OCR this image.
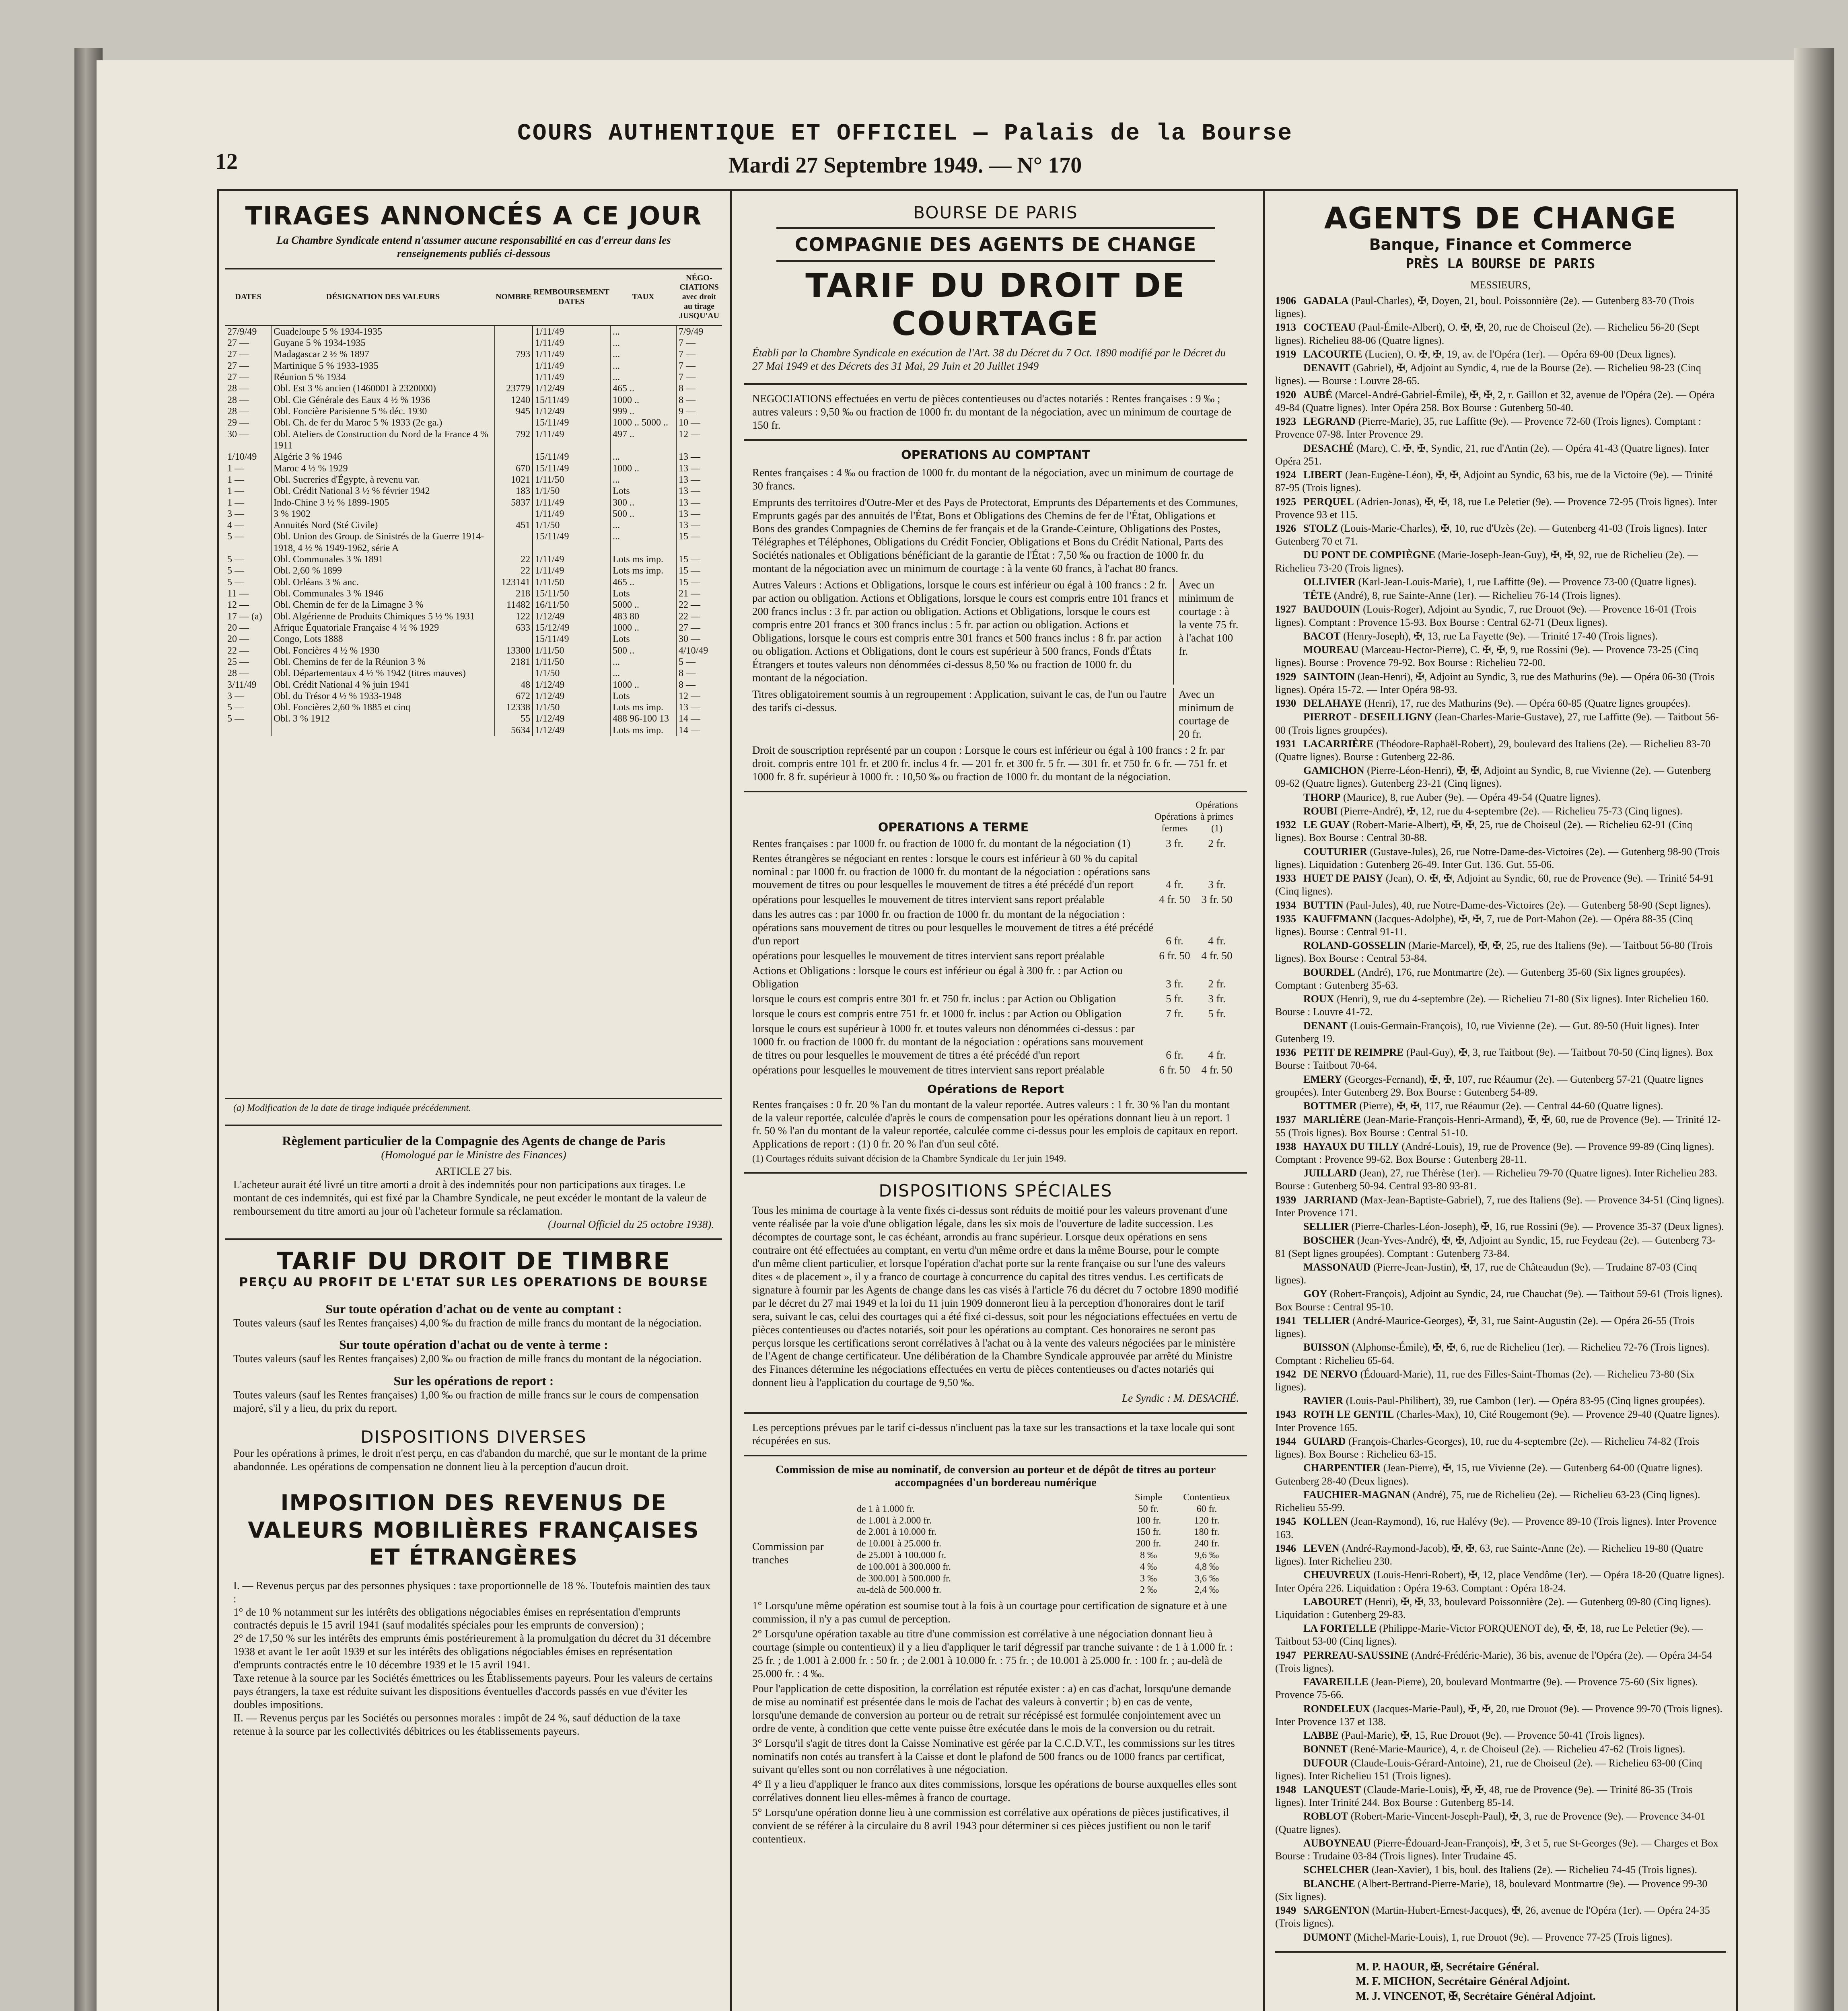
12
COURS AUTHENTIQUE ET OFFICIEL — Palais de la Bourse
Mardi 27 Septembre 1949. — N° 170
TIRAGES ANNONCÉS A CE JOUR
La Chambre Syndicale entend n'assumer aucune responsabilité en cas d'erreur dans les renseignements publiés ci-dessous
DATES	DÉSIGNATION DES VALEURS	NOMBRE	REMBOURSEMENT
DATES	TAUX	NÉGO-CIATIONS avec droit au tirage JUSQU'AU
27/9/49	Guadeloupe 5 % 1934-1935		1/11/49	...	7/9/49
27 —	Guyane 5 % 1934-1935		1/11/49	...	7 —
27 —	Madagascar 2 ½ % 1897	793	1/11/49	...	7 —
27 —	Martinique 5 % 1933-1935		1/11/49	...	7 —
27 —	Réunion 5 % 1934		1/11/49	...	7 —
28 —	Obl. Est 3 % ancien (1460001 à 2320000)	23779	1/12/49	465 ..	8 —
28 —	Obl. Cie Générale des Eaux 4 ½ % 1936	1240	15/11/49	1000 ..	8 —
28 —	Obl. Foncière Parisienne 5 % déc. 1930	945	1/12/49	999 ..	9 —
29 —	Obl. Ch. de fer du Maroc 5 % 1933 (2e ga.)		15/11/49	1000 .. 5000 ..	10 —
30 —	Obl. Ateliers de Construction du Nord de la France 4 % 1911	792	1/11/49	497 ..	12 —
1/10/49	Algérie 3 % 1946		15/11/49	...	13 —
1 —	Maroc 4 ½ % 1929	670	15/11/49	1000 ..	13 —
1 —	Obl. Sucreries d'Égypte, à revenu var.	1021	1/11/50	...	13 —
1 —	Obl. Crédit National 3 ½ % février 1942	183	1/1/50	Lots	13 —
1 —	Indo-Chine 3 ½ % 1899-1905	5837	1/11/49	300 ..	13 —
3 —	3 % 1902		1/11/49	500 ..	13 —
4 —	Annuités Nord (Sté Civile)	451	1/1/50	...	13 —
5 —	Obl. Union des Group. de Sinistrés de la Guerre 1914-1918, 4 ½ % 1949-1962, série A		15/11/49	...	15 —
5 —	Obl. Communales 3 % 1891	22	1/11/49	Lots ms imp.	15 —
5 —	Obl. 2,60 % 1899	22	1/11/49	Lots ms imp.	15 —
5 —	Obl. Orléans 3 % anc.	123141	1/11/50	465 ..	15 —
11 —	Obl. Communales 3 % 1946	218	15/11/50	Lots	21 —
12 —	Obl. Chemin de fer de la Limagne 3 %	11482	16/11/50	5000 ..	22 —
17 — (a)	Obl. Algérienne de Produits Chimiques 5 ½ % 1931	122	1/12/49	483 80	22 —
20 —	Afrique Équatoriale Française 4 ½ % 1929	633	15/12/49	1000 ..	27 —
20 —	Congo, Lots 1888		15/11/49	Lots	30 —
22 —	Obl. Foncières 4 ½ % 1930	13300	1/11/50	500 ..	4/10/49
25 —	Obl. Chemins de fer de la Réunion 3 %	2181	1/11/50	...	5 —
28 —	Obl. Départementaux 4 ½ % 1942 (titres mauves)		1/1/50	...	8 —
3/11/49	Obl. Crédit National 4 % juin 1941	48	1/12/49	1000 ..	8 —
3 —	Obl. du Trésor 4 ½ % 1933-1948	672	1/12/49	Lots	12 —
5 —	Obl. Foncières 2,60 % 1885 et cinq	12338	1/1/50	Lots ms imp.	13 —
5 —	Obl. 3 % 1912	55	1/12/49	488 96-100 13	14 —
		5634	1/12/49	Lots ms imp.	14 —
(a) Modification de la date de tirage indiquée précédemment.
Règlement particulier de la Compagnie des Agents de change de Paris
(Homologué par le Ministre des Finances)
ARTICLE 27 bis.
L'acheteur aurait été livré un titre amorti a droit à des indemnités pour non participations aux tirages. Le montant de ces indemnités, qui est fixé par la Chambre Syndicale, ne peut excéder le montant de la valeur de remboursement du titre amorti au jour où l'acheteur formule sa réclamation.
(Journal Officiel du 25 octobre 1938).
TARIF DU DROIT DE TIMBRE
PERÇU AU PROFIT DE L'ETAT SUR LES OPERATIONS DE BOURSE
Sur toute opération d'achat ou de vente au comptant :
Toutes valeurs (sauf les Rentes françaises) 4,00 ‰ du fraction de mille francs du montant de la négociation.
Sur toute opération d'achat ou de vente à terme :
Toutes valeurs (sauf les Rentes françaises) 2,00 ‰ ou fraction de mille francs du montant de la négociation.
Sur les opérations de report :
Toutes valeurs (sauf les Rentes françaises) 1,00 ‰ ou fraction de mille francs sur le cours de compensation majoré, s'il y a lieu, du prix du report.
DISPOSITIONS DIVERSES
Pour les opérations à primes, le droit n'est perçu, en cas d'abandon du marché, que sur le montant de la prime abandonnée. Les opérations de compensation ne donnent lieu à la perception d'aucun droit.
IMPOSITION DES REVENUS DE VALEURS MOBILIÈRES FRANÇAISES ET ÉTRANGÈRES
I. — Revenus perçus par des personnes physiques : taxe proportionnelle de 18 %. Toutefois maintien des taux :
1° de 10 % notamment sur les intérêts des obligations négociables émises en représentation d'emprunts contractés depuis le 15 avril 1941 (sauf modalités spéciales pour les emprunts de conversion) ;
2° de 17,50 % sur les intérêts des emprunts émis postérieurement à la promulgation du décret du 31 décembre 1938 et avant le 1er août 1939 et sur les intérêts des obligations négociables émises en représentation d'emprunts contractés entre le 10 décembre 1939 et le 15 avril 1941.
Taxe retenue à la source par les Sociétés émettrices ou les Établissements payeurs. Pour les valeurs de certains pays étrangers, la taxe est réduite suivant les dispositions éventuelles d'accords passés en vue d'éviter les doubles impositions.
II. — Revenus perçus par les Sociétés ou personnes morales : impôt de 24 %, sauf déduction de la taxe retenue à la source par les collectivités débitrices ou les établissements payeurs.
BOURSE DE PARIS
COMPAGNIE DES AGENTS DE CHANGE
TARIF DU DROIT DE COURTAGE
Établi par la Chambre Syndicale en exécution de l'Art. 38 du Décret du 7 Oct. 1890 modifié par le Décret du 27 Mai 1949 et des Décrets des 31 Mai, 29 Juin et 20 Juillet 1949
NEGOCIATIONS effectuées en vertu de pièces contentieuses ou d'actes notariés : Rentes françaises : 9 ‰ ; autres valeurs : 9,50 ‰ ou fraction de 1000 fr. du montant de la négociation, avec un minimum de courtage de 150 fr.
OPERATIONS AU COMPTANT
Rentes françaises : 4 ‰ ou fraction de 1000 fr. du montant de la négociation, avec un minimum de courtage de 30 francs.
Emprunts des territoires d'Outre-Mer et des Pays de Protectorat, Emprunts des Départements et des Communes, Emprunts gagés par des annuités de l'État, Bons et Obligations des Chemins de fer de l'État, Obligations et Bons des grandes Compagnies de Chemins de fer français et de la Grande-Ceinture, Obligations des Postes, Télégraphes et Téléphones, Obligations du Crédit Foncier, Obligations et Bons du Crédit National, Parts des Sociétés nationales et Obligations bénéficiant de la garantie de l'État : 7,50 ‰ ou fraction de 1000 fr. du montant de la négociation avec un minimum de courtage : à la vente 60 francs, à l'achat 80 francs.
Autres Valeurs : Actions et Obligations, lorsque le cours est inférieur ou égal à 100 francs : 2 fr. par action ou obligation. Actions et Obligations, lorsque le cours est compris entre 101 francs et 200 francs inclus : 3 fr. par action ou obligation. Actions et Obligations, lorsque le cours est compris entre 201 francs et 300 francs inclus : 5 fr. par action ou obligation. Actions et Obligations, lorsque le cours est compris entre 301 francs et 500 francs inclus : 8 fr. par action ou obligation. Actions et Obligations, dont le cours est supérieur à 500 francs, Fonds d'États Étrangers et toutes valeurs non dénommées ci-dessus 8,50 ‰ ou fraction de 1000 fr. du montant de la négociation.
Avec un minimum de courtage : à la vente 75 fr. à l'achat 100 fr.
Titres obligatoirement soumis à un regroupement : Application, suivant le cas, de l'un ou l'autre des tarifs ci-dessus.
Avec un minimum de courtage de 20 fr.
Droit de souscription représenté par un coupon : Lorsque le cours est inférieur ou égal à 100 francs : 2 fr. par droit. compris entre 101 fr. et 200 fr. inclus 4 fr. — 201 fr. et 300 fr. 5 fr. — 301 fr. et 750 fr. 6 fr. — 751 fr. et 1000 fr. 8 fr. supérieur à 1000 fr. : 10,50 ‰ ou fraction de 1000 fr. du montant de la négociation.
OPERATIONS A TERME
Opérations fermes
Opérations à primes (1)
Rentes françaises : par 1000 fr. ou fraction de 1000 fr. du montant de la négociation (1)	3 fr.	2 fr.
Rentes étrangères se négociant en rentes : lorsque le cours est inférieur à 60 % du capital nominal : par 1000 fr. ou fraction de 1000 fr. du montant de la négociation : opérations sans mouvement de titres ou pour lesquelles le mouvement de titres a été précédé d'un report	4 fr.	3 fr.
opérations pour lesquelles le mouvement de titres intervient sans report préalable	4 fr. 50	3 fr. 50
dans les autres cas : par 1000 fr. ou fraction de 1000 fr. du montant de la négociation : opérations sans mouvement de titres ou pour lesquelles le mouvement de titres a été précédé d'un report	6 fr.	4 fr.
opérations pour lesquelles le mouvement de titres intervient sans report préalable	6 fr. 50	4 fr. 50
Actions et Obligations : lorsque le cours est inférieur ou égal à 300 fr. : par Action ou Obligation	3 fr.	2 fr.
lorsque le cours est compris entre 301 fr. et 750 fr. inclus : par Action ou Obligation	5 fr.	3 fr.
lorsque le cours est compris entre 751 fr. et 1000 fr. inclus : par Action ou Obligation	7 fr.	5 fr.
lorsque le cours est supérieur à 1000 fr. et toutes valeurs non dénommées ci-dessus : par 1000 fr. ou fraction de 1000 fr. du montant de la négociation : opérations sans mouvement de titres ou pour lesquelles le mouvement de titres a été précédé d'un report	6 fr.	4 fr.
opérations pour lesquelles le mouvement de titres intervient sans report préalable	6 fr. 50	4 fr. 50
Opérations de Report
Rentes françaises : 0 fr. 20 % l'an du montant de la valeur reportée. Autres valeurs : 1 fr. 30 % l'an du montant de la valeur reportée, calculée d'après le cours de compensation pour les opérations donnant lieu à un report. 1 fr. 50 % l'an du montant de la valeur reportée, calculée comme ci-dessus pour les emplois de capitaux en report. Applications de report : (1) 0 fr. 20 % l'an d'un seul côté.
(1) Courtages réduits suivant décision de la Chambre Syndicale du 1er juin 1949.
DISPOSITIONS SPÉCIALES
Tous les minima de courtage à la vente fixés ci-dessus sont réduits de moitié pour les valeurs provenant d'une vente réalisée par la voie d'une obligation légale, dans les six mois de l'ouverture de ladite succession. Les décomptes de courtage sont, le cas échéant, arrondis au franc supérieur. Lorsque deux opérations en sens contraire ont été effectuées au comptant, en vertu d'un même ordre et dans la même Bourse, pour le compte d'un même client particulier, et lorsque l'opération d'achat porte sur la rente française ou sur l'une des valeurs dites « de placement », il y a franco de courtage à concurrence du capital des titres vendus. Les certificats de signature à fournir par les Agents de change dans les cas visés à l'article 76 du décret du 7 octobre 1890 modifié par le décret du 27 mai 1949 et la loi du 11 juin 1909 donneront lieu à la perception d'honoraires dont le tarif sera, suivant le cas, celui des courtages qui a été fixé ci-dessus, soit pour les négociations effectuées en vertu de pièces contentieuses ou d'actes notariés, soit pour les opérations au comptant. Ces honoraires ne seront pas perçus lorsque les certifications seront corrélatives à l'achat ou à la vente des valeurs négociées par le ministère de l'Agent de change certificateur. Une délibération de la Chambre Syndicale approuvée par arrêté du Ministre des Finances détermine les négociations effectuées en vertu de pièces contentieuses ou d'actes notariés qui donnent lieu à l'application du courtage de 9,50 ‰.
Le Syndic : M. DESACHÉ.
Les perceptions prévues par le tarif ci-dessus n'incluent pas la taxe sur les transactions et la taxe locale qui sont récupérées en sus.
Commission de mise au nominatif, de conversion au porteur et de dépôt de titres au porteur accompagnées d'un bordereau numérique
Commission par tranches
Simple	Contentieux
de 1 à 1.000 fr.	50 fr.	60 fr.
de 1.001 à 2.000 fr.	100 fr.	120 fr.
de 2.001 à 10.000 fr.	150 fr.	180 fr.
de 10.001 à 25.000 fr.	200 fr.	240 fr.
de 25.001 à 100.000 fr.	8 ‰	9,6 ‰
de 100.001 à 300.000 fr.	4 ‰	4,8 ‰
de 300.001 à 500.000 fr.	3 ‰	3,6 ‰
au-delà de 500.000 fr.	2 ‰	2,4 ‰
1° Lorsqu'une même opération est soumise tout à la fois à un courtage pour certification de signature et à une commission, il n'y a pas cumul de perception.
2° Lorsqu'une opération taxable au titre d'une commission est corrélative à une négociation donnant lieu à courtage (simple ou contentieux) il y a lieu d'appliquer le tarif dégressif par tranche suivante : de 1 à 1.000 fr. : 25 fr. ; de 1.001 à 2.000 fr. : 50 fr. ; de 2.001 à 10.000 fr. : 75 fr. ; de 10.001 à 25.000 fr. : 100 fr. ; au-delà de 25.000 fr. : 4 ‰.
Pour l'application de cette disposition, la corrélation est réputée exister : a) en cas d'achat, lorsqu'une demande de mise au nominatif est présentée dans le mois de l'achat des valeurs à convertir ; b) en cas de vente, lorsqu'une demande de conversion au porteur ou de retrait sur récépissé est formulée conjointement avec un ordre de vente, à condition que cette vente puisse être exécutée dans le mois de la conversion ou du retrait.
3° Lorsqu'il s'agit de titres dont la Caisse Nominative est gérée par la C.C.D.V.T., les commissions sur les titres nominatifs non cotés au transfert à la Caisse et dont le plafond de 500 francs ou de 1000 francs par certificat, suivant qu'elles sont ou non corrélatives à une négociation.
4° Il y a lieu d'appliquer le franco aux dites commissions, lorsque les opérations de bourse auxquelles elles sont corrélatives donnent lieu elles-mêmes à franco de courtage.
5° Lorsqu'une opération donne lieu à une commission est corrélative aux opérations de pièces justificatives, il convient de se référer à la circulaire du 8 avril 1943 pour déterminer si ces pièces justifient ou non le tarif contentieux.
AGENTS DE CHANGE
Banque, Finance et Commerce
PRÈS LA BOURSE DE PARIS
MESSIEURS,
1906 GADALA (Paul-Charles), ✠, Doyen, 21, boul. Poissonnière (2e). — Gutenberg 83-70 (Trois lignes).
1913 COCTEAU (Paul-Émile-Albert), O. ✠, ✠, 20, rue de Choiseul (2e). — Richelieu 56-20 (Sept lignes). Richelieu 88-06 (Quatre lignes).
1919 LACOURTE (Lucien), O. ✠, ✠, 19, av. de l'Opéra (1er). — Opéra 69-00 (Deux lignes).
DENAVIT (Gabriel), ✠, Adjoint au Syndic, 4, rue de la Bourse (2e). — Richelieu 98-23 (Cinq lignes). — Bourse : Louvre 28-65.
1920 AUBÉ (Marcel-André-Gabriel-Émile), ✠, ✠, 2, r. Gaillon et 32, avenue de l'Opéra (2e). — Opéra 49-84 (Quatre lignes). Inter Opéra 258. Box Bourse : Gutenberg 50-40.
1923 LEGRAND (Pierre-Marie), 35, rue Laffitte (9e). — Provence 72-60 (Trois lignes). Comptant : Provence 07-98. Inter Provence 29.
DESACHÉ (Marc), C. ✠, ✠, Syndic, 21, rue d'Antin (2e). — Opéra 41-43 (Quatre lignes). Inter Opéra 251.
1924 LIBERT (Jean-Eugène-Léon), ✠, ✠, Adjoint au Syndic, 63 bis, rue de la Victoire (9e). — Trinité 87-95 (Trois lignes).
1925 PERQUEL (Adrien-Jonas), ✠, ✠, 18, rue Le Peletier (9e). — Provence 72-95 (Trois lignes). Inter Provence 93 et 115.
1926 STOLZ (Louis-Marie-Charles), ✠, 10, rue d'Uzès (2e). — Gutenberg 41-03 (Trois lignes). Inter Gutenberg 70 et 71.
DU PONT DE COMPIÈGNE (Marie-Joseph-Jean-Guy), ✠, ✠, 92, rue de Richelieu (2e). — Richelieu 73-20 (Trois lignes).
OLLIVIER (Karl-Jean-Louis-Marie), 1, rue Laffitte (9e). — Provence 73-00 (Quatre lignes).
TÊTE (André), 8, rue Sainte-Anne (1er). — Richelieu 76-14 (Trois lignes).
1927 BAUDOUIN (Louis-Roger), Adjoint au Syndic, 7, rue Drouot (9e). — Provence 16-01 (Trois lignes). Comptant : Provence 15-93. Box Bourse : Central 62-71 (Deux lignes).
BACOT (Henry-Joseph), ✠, 13, rue La Fayette (9e). — Trinité 17-40 (Trois lignes).
MOUREAU (Marceau-Hector-Pierre), C. ✠, ✠, 9, rue Rossini (9e). — Provence 73-25 (Cinq lignes). Bourse : Provence 79-92. Box Bourse : Richelieu 72-00.
1929 SAINTOIN (Jean-Henri), ✠, Adjoint au Syndic, 3, rue des Mathurins (9e). — Opéra 06-30 (Trois lignes). Opéra 15-72. — Inter Opéra 98-93.
1930 DELAHAYE (Henri), 17, rue des Mathurins (9e). — Opéra 60-85 (Quatre lignes groupées).
PIERROT - DESEILLIGNY (Jean-Charles-Marie-Gustave), 27, rue Laffitte (9e). — Taitbout 56-00 (Trois lignes groupées).
1931 LACARRIÈRE (Théodore-Raphaël-Robert), 29, boulevard des Italiens (2e). — Richelieu 83-70 (Quatre lignes). Bourse : Gutenberg 22-86.
GAMICHON (Pierre-Léon-Henri), ✠, ✠, Adjoint au Syndic, 8, rue Vivienne (2e). — Gutenberg 09-62 (Quatre lignes). Gutenberg 23-21 (Cinq lignes).
THORP (Maurice), 8, rue Auber (9e). — Opéra 49-54 (Quatre lignes).
ROUBI (Pierre-André), ✠, 12, rue du 4-septembre (2e). — Richelieu 75-73 (Cinq lignes).
1932 LE GUAY (Robert-Marie-Albert), ✠, ✠, 25, rue de Choiseul (2e). — Richelieu 62-91 (Cinq lignes). Box Bourse : Central 30-88.
COUTURIER (Gustave-Jules), 26, rue Notre-Dame-des-Victoires (2e). — Gutenberg 98-90 (Trois lignes). Liquidation : Gutenberg 26-49. Inter Gut. 136. Gut. 55-06.
1933 HUET DE PAISY (Jean), O. ✠, ✠, Adjoint au Syndic, 60, rue de Provence (9e). — Trinité 54-91 (Cinq lignes).
1934 BUTTIN (Paul-Jules), 40, rue Notre-Dame-des-Victoires (2e). — Gutenberg 58-90 (Sept lignes).
1935 KAUFFMANN (Jacques-Adolphe), ✠, ✠, 7, rue de Port-Mahon (2e). — Opéra 88-35 (Cinq lignes). Bourse : Central 91-11.
ROLAND-GOSSELIN (Marie-Marcel), ✠, ✠, 25, rue des Italiens (9e). — Taitbout 56-80 (Trois lignes). Box Bourse : Central 53-84.
BOURDEL (André), 176, rue Montmartre (2e). — Gutenberg 35-60 (Six lignes groupées). Comptant : Gutenberg 35-63.
ROUX (Henri), 9, rue du 4-septembre (2e). — Richelieu 71-80 (Six lignes). Inter Richelieu 160. Bourse : Louvre 41-72.
DENANT (Louis-Germain-François), 10, rue Vivienne (2e). — Gut. 89-50 (Huit lignes). Inter Gutenberg 19.
1936 PETIT DE REIMPRE (Paul-Guy), ✠, 3, rue Taitbout (9e). — Taitbout 70-50 (Cinq lignes). Box Bourse : Taitbout 70-64.
EMERY (Georges-Fernand), ✠, ✠, 107, rue Réaumur (2e). — Gutenberg 57-21 (Quatre lignes groupées). Inter Gutenberg 29. Box Bourse : Gutenberg 54-89.
BOTTMER (Pierre), ✠, ✠, 117, rue Réaumur (2e). — Central 44-60 (Quatre lignes).
1937 MARLIÈRE (Jean-Marie-François-Henri-Armand), ✠, ✠, 60, rue de Provence (9e). — Trinité 12-55 (Trois lignes). Box Bourse : Central 51-10.
1938 HAYAUX DU TILLY (André-Louis), 19, rue de Provence (9e). — Provence 99-89 (Cinq lignes). Comptant : Provence 99-62. Box Bourse : Gutenberg 28-11.
JUILLARD (Jean), 27, rue Thérèse (1er). — Richelieu 79-70 (Quatre lignes). Inter Richelieu 283. Bourse : Gutenberg 50-94. Central 93-80 93-81.
1939 JARRIAND (Max-Jean-Baptiste-Gabriel), 7, rue des Italiens (9e). — Provence 34-51 (Cinq lignes). Inter Provence 171.
SELLIER (Pierre-Charles-Léon-Joseph), ✠, 16, rue Rossini (9e). — Provence 35-37 (Deux lignes).
BOSCHER (Jean-Yves-André), ✠, ✠, Adjoint au Syndic, 15, rue Feydeau (2e). — Gutenberg 73-81 (Sept lignes groupées). Comptant : Gutenberg 73-84.
MASSONAUD (Pierre-Jean-Justin), ✠, 17, rue de Châteaudun (9e). — Trudaine 87-03 (Cinq lignes).
GOY (Robert-François), Adjoint au Syndic, 24, rue Chauchat (9e). — Taitbout 59-61 (Trois lignes). Box Bourse : Central 95-10.
1941 TELLIER (André-Maurice-Georges), ✠, 31, rue Saint-Augustin (2e). — Opéra 26-55 (Trois lignes).
BUISSON (Alphonse-Émile), ✠, ✠, 6, rue de Richelieu (1er). — Richelieu 72-76 (Trois lignes). Comptant : Richelieu 65-64.
1942 DE NERVO (Édouard-Marie), 11, rue des Filles-Saint-Thomas (2e). — Richelieu 73-80 (Six lignes).
RAVIER (Louis-Paul-Philibert), 39, rue Cambon (1er). — Opéra 83-95 (Cinq lignes groupées).
1943 ROTH LE GENTIL (Charles-Max), 10, Cité Rougemont (9e). — Provence 29-40 (Quatre lignes). Inter Provence 165.
1944 GUIARD (François-Charles-Georges), 10, rue du 4-septembre (2e). — Richelieu 74-82 (Trois lignes). Box Bourse : Richelieu 63-15.
CHARPENTIER (Jean-Pierre), ✠, 15, rue Vivienne (2e). — Gutenberg 64-00 (Quatre lignes). Gutenberg 28-40 (Deux lignes).
FAUCHIER-MAGNAN (André), 75, rue de Richelieu (2e). — Richelieu 63-23 (Cinq lignes). Richelieu 55-99.
1945 KOLLEN (Jean-Raymond), 16, rue Halévy (9e). — Provence 89-10 (Trois lignes). Inter Provence 163.
1946 LEVEN (André-Raymond-Jacob), ✠, ✠, 63, rue Sainte-Anne (2e). — Richelieu 19-80 (Quatre lignes). Inter Richelieu 230.
CHEUVREUX (Louis-Henri-Robert), ✠, 12, place Vendôme (1er). — Opéra 18-20 (Quatre lignes). Inter Opéra 226. Liquidation : Opéra 19-63. Comptant : Opéra 18-24.
LABOURET (Henri), ✠, ✠, 33, boulevard Poissonnière (2e). — Gutenberg 09-80 (Cinq lignes). Liquidation : Gutenberg 29-83.
LA FORTELLE (Philippe-Marie-Victor FORQUENOT de), ✠, ✠, 18, rue Le Peletier (9e). — Taitbout 53-00 (Cinq lignes).
1947 PERREAU-SAUSSINE (André-Frédéric-Marie), 36 bis, avenue de l'Opéra (2e). — Opéra 34-54 (Trois lignes).
FAVAREILLE (Jean-Pierre), 20, boulevard Montmartre (9e). — Provence 75-60 (Six lignes). Provence 75-66.
RONDELEUX (Jacques-Marie-Paul), ✠, ✠, 20, rue Drouot (9e). — Provence 99-70 (Trois lignes). Inter Provence 137 et 138.
LABBE (Paul-Marie), ✠, 15, Rue Drouot (9e). — Provence 50-41 (Trois lignes).
BONNET (René-Marie-Maurice), 4, r. de Choiseul (2e). — Richelieu 47-62 (Trois lignes).
DUFOUR (Claude-Louis-Gérard-Antoine), 21, rue de Choiseul (2e). — Richelieu 63-00 (Cinq lignes). Inter Richelieu 151 (Trois lignes).
1948 LANQUEST (Claude-Marie-Louis), ✠, ✠, 48, rue de Provence (9e). — Trinité 86-35 (Trois lignes). Inter Trinité 244. Box Bourse : Gutenberg 85-14.
ROBLOT (Robert-Marie-Vincent-Joseph-Paul), ✠, 3, rue de Provence (9e). — Provence 34-01 (Quatre lignes).
AUBOYNEAU (Pierre-Édouard-Jean-François), ✠, 3 et 5, rue St-Georges (9e). — Charges et Box Bourse : Trudaine 03-84 (Trois lignes). Inter Trudaine 45.
SCHELCHER (Jean-Xavier), 1 bis, boul. des Italiens (2e). — Richelieu 74-45 (Trois lignes).
BLANCHE (Albert-Bertrand-Pierre-Marie), 18, boulevard Montmartre (9e). — Provence 99-30 (Six lignes).
1949 SARGENTON (Martin-Hubert-Ernest-Jacques), ✠, 26, avenue de l'Opéra (1er). — Opéra 24-35 (Trois lignes).
DUMONT (Michel-Marie-Louis), 1, rue Drouot (9e). — Provence 77-25 (Trois lignes).
M. P. HAOUR, ✠, Secrétaire Général.
M. F. MICHON, Secrétaire Général Adjoint.
M. J. VINCENOT, ✠, Secrétaire Général Adjoint.
